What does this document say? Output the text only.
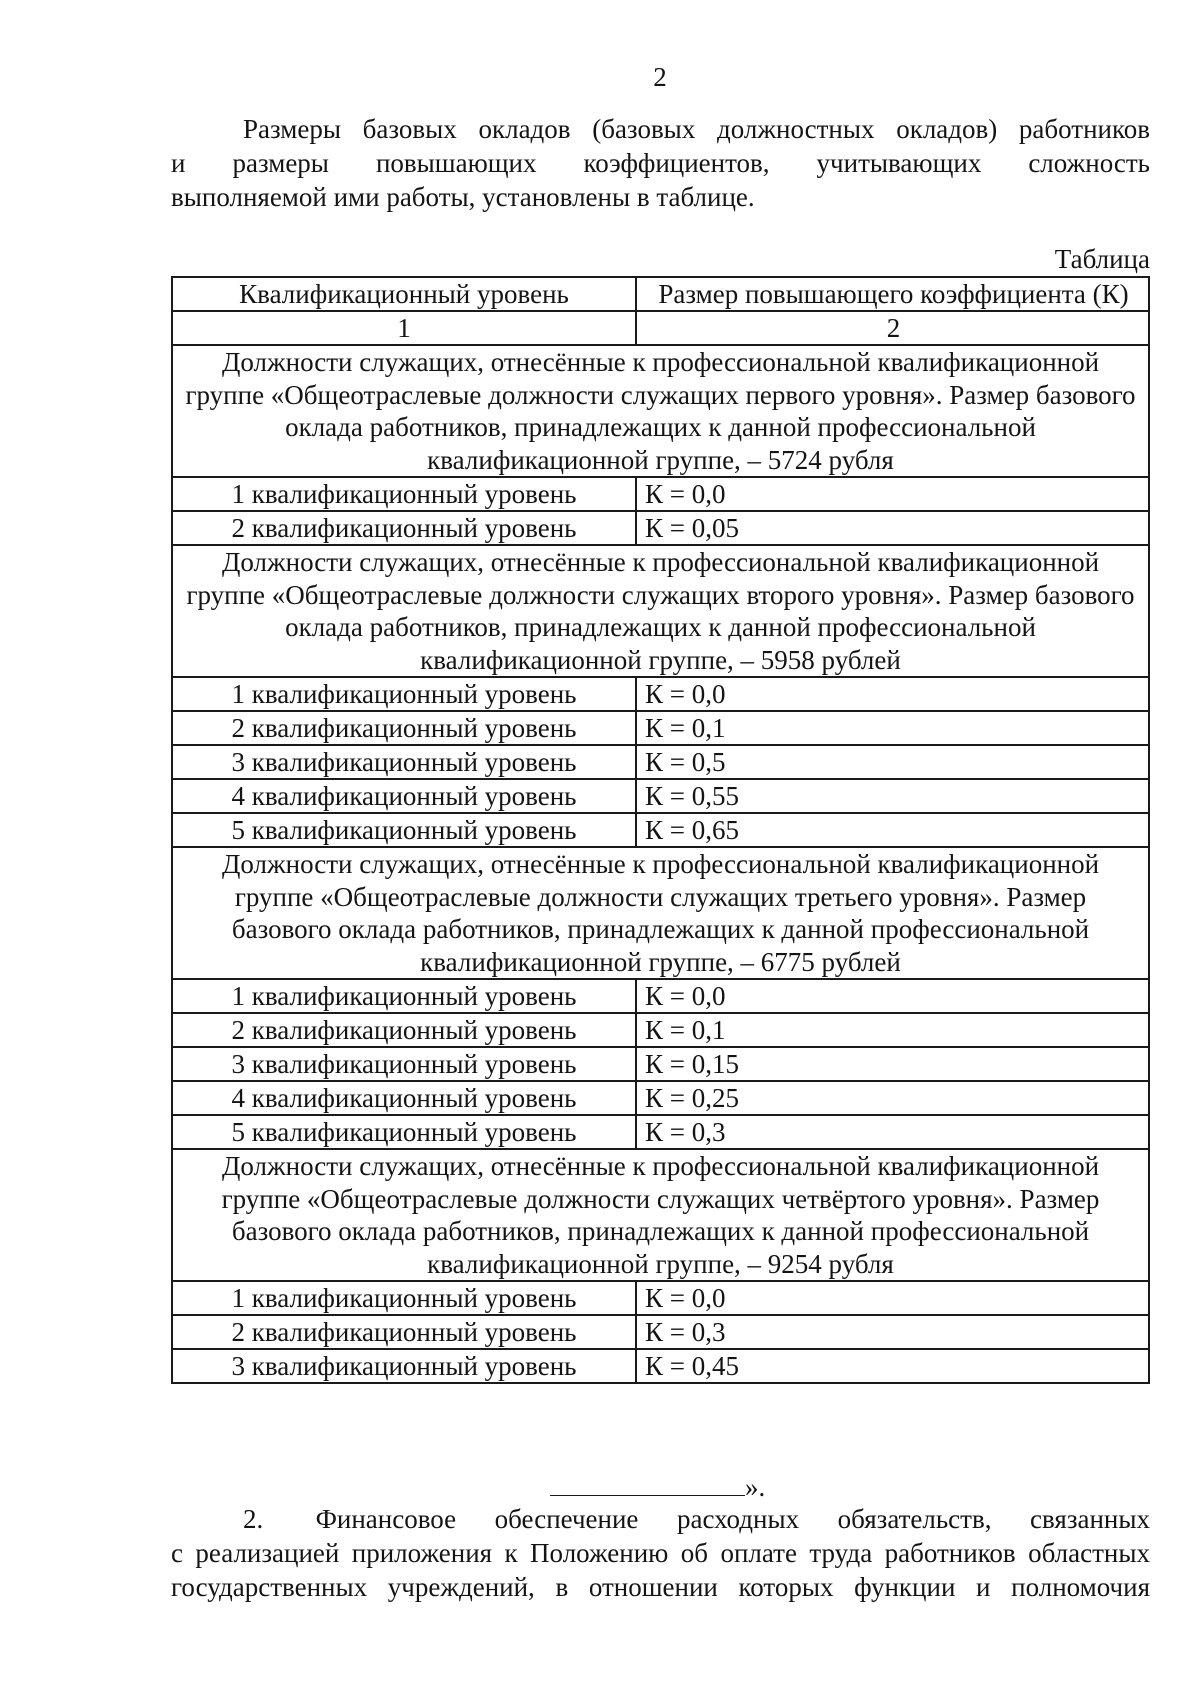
2
Размеры базовых окладов (базовых должностных окладов) работников
и размеры повышающих коэффициентов, учитывающих сложность
выполняемой ими работы, установлены в таблице.
Таблица
Квалификационный уровень	Размер повышающего коэффициента (К)
1	2
Должности служащих, отнесённые к профессиональной квалификационной группе «Общеотраслевые должности служащих первого уровня». Размер базового оклада работников, принадлежащих к данной профессиональной квалификационной группе, – 5724 рубля	
1 квалификационный уровень	К = 0,0
2 квалификационный уровень	К = 0,05
Должности служащих, отнесённые к профессиональной квалификационной группе «Общеотраслевые должности служащих второго уровня». Размер базового оклада работников, принадлежащих к данной профессиональной квалификационной группе, – 5958 рублей	
1 квалификационный уровень	К = 0,0
2 квалификационный уровень	К = 0,1
3 квалификационный уровень	К = 0,5
4 квалификационный уровень	К = 0,55
5 квалификационный уровень	К = 0,65
Должности служащих, отнесённые к профессиональной квалификационной группе «Общеотраслевые должности служащих третьего уровня». Размер базового оклада работников, принадлежащих к данной профессиональной квалификационной группе, – 6775 рублей	
1 квалификационный уровень	К = 0,0
2 квалификационный уровень	К = 0,1
3 квалификационный уровень	К = 0,15
4 квалификационный уровень	К = 0,25
5 квалификационный уровень	К = 0,3
Должности служащих, отнесённые к профессиональной квалификационной группе «Общеотраслевые должности служащих четвёртого уровня». Размер базового оклада работников, принадлежащих к данной профессиональной квалификационной группе, – 9254 рубля	
1 квалификационный уровень	К = 0,0
2 квалификационный уровень	К = 0,3
3 квалификационный уровень	К = 0,45
».
2. Финансовое обеспечение расходных обязательств, связанных
с реализацией приложения к Положению об оплате труда работников областных
государственных учреждений, в отношении которых функции и полномочия
